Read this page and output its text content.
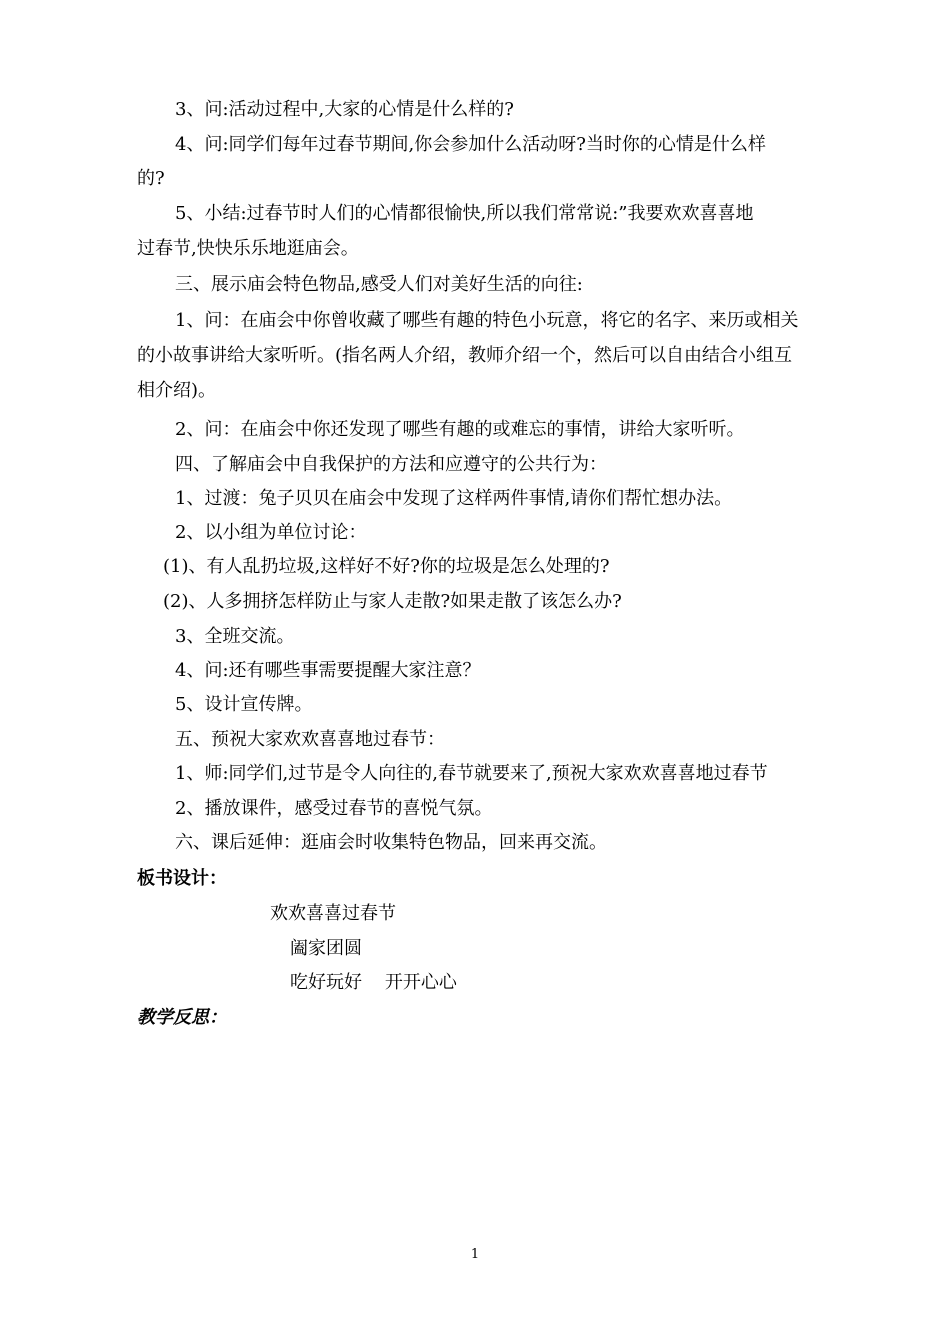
3、问:活动过程中,大家的心情是什么样的?
4、问:同学们每年过春节期间,你会参加什么活动呀?当时你的心情是什么样
的?
5、小结:过春节时人们的心情都很愉快,所以我们常常说:”我要欢欢喜喜地
过春节,快快乐乐地逛庙会。
三、展示庙会特色物品,感受人们对美好生活的向往:
1、问：在庙会中你曾收藏了哪些有趣的特色小玩意，将它的名字、来历或相关
的小故事讲给大家听听。(指名两人介绍，教师介绍一个，然后可以自由结合小组互
相介绍)。
2、问：在庙会中你还发现了哪些有趣的或难忘的事情，讲给大家听听。
四、了解庙会中自我保护的方法和应遵守的公共行为：
1、过渡：兔子贝贝在庙会中发现了这样两件事情,请你们帮忙想办法。
2、以小组为单位讨论：
(1)、有人乱扔垃圾,这样好不好?你的垃圾是怎么处理的?
(2)、人多拥挤怎样防止与家人走散?如果走散了该怎么办?
3、全班交流。
4、问:还有哪些事需要提醒大家注意？
5、设计宣传牌。
五、预祝大家欢欢喜喜地过春节：
1、师:同学们,过节是令人向往的,春节就要来了,预祝大家欢欢喜喜地过春节
2、播放课件，感受过春节的喜悦气氛。
六、课后延伸：逛庙会时收集特色物品，回来再交流。
板书设计：
欢欢喜喜过春节
阖家团圆
吃好玩好    开开心心
教学反思：
1
